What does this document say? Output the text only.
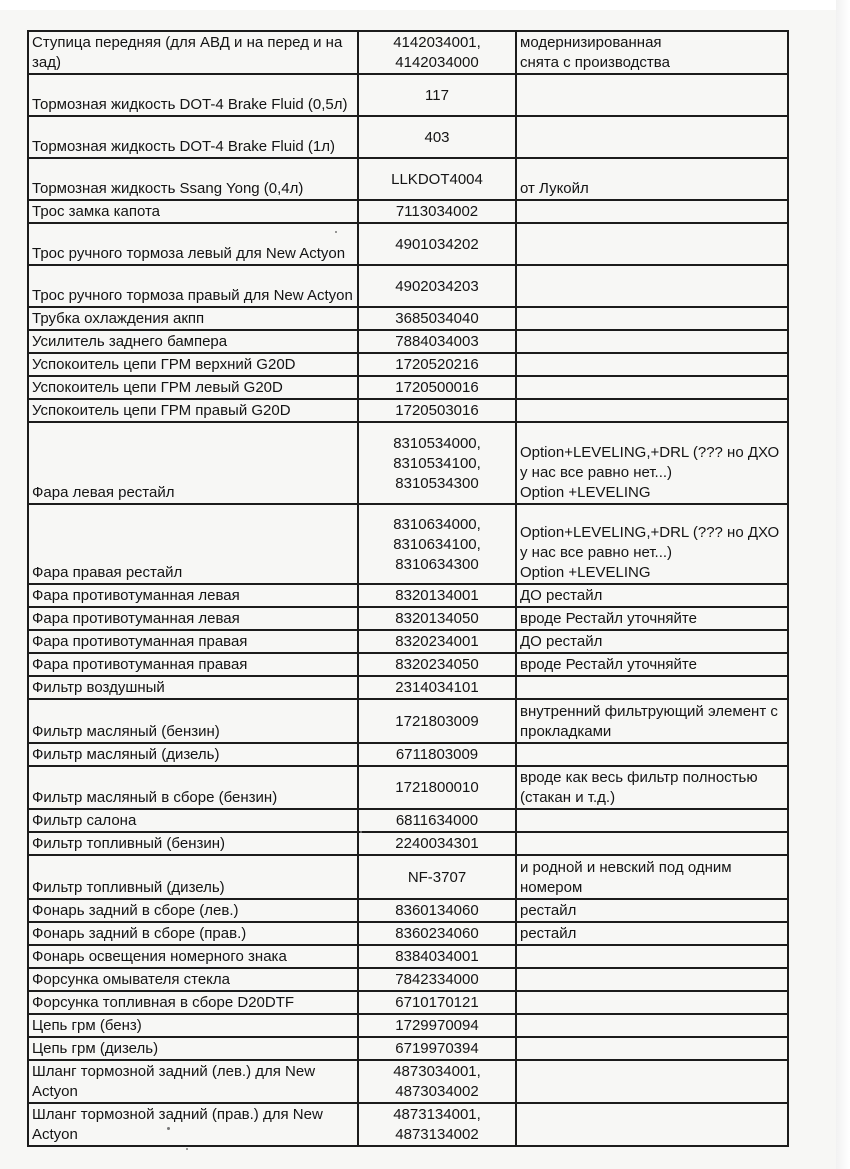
Ступица передняя (для АВД и на перед и на зад)	4142034001,
4142034000	модернизированная
снята с производства
Тормозная жидкость DOT-4 Brake Fluid (0,5л)	117	
Тормозная жидкость DOT-4 Brake Fluid (1л)	403	
Тормозная жидкость Ssang Yong (0,4л)	LLKDOT4004	от Лукойл
Трос замка капота	7113034002	
Трос ручного тормоза левый для New Actyon	4901034202	
Трос ручного тормоза правый для New Actyon	4902034203	
Трубка охлаждения акпп	3685034040	
Усилитель заднего бампера	7884034003	
Успокоитель цепи ГРМ верхний G20D	1720520216	
Успокоитель цепи ГРМ левый G20D	1720500016	
Успокоитель цепи ГРМ правый G20D	1720503016	
Фара левая рестайл	8310534000,
8310534100,
8310534300	Option+LEVELING,+DRL (??? но ДХО у нас все равно нет...)
Option +LEVELING
Фара правая рестайл	8310634000,
8310634100,
8310634300	Option+LEVELING,+DRL (??? но ДХО у нас все равно нет...)
Option +LEVELING
Фара противотуманная левая	8320134001	ДО рестайл
Фара противотуманная левая	8320134050	вроде Рестайл уточняйте
Фара противотуманная правая	8320234001	ДО рестайл
Фара противотуманная правая	8320234050	вроде Рестайл уточняйте
Фильтр воздушный	2314034101	
Фильтр масляный (бензин)	1721803009	внутренний фильтрующий элемент с прокладками
Фильтр масляный (дизель)	6711803009	
Фильтр масляный в сборе (бензин)	1721800010	вроде как весь фильтр полностью (стакан и т.д.)
Фильтр салона	6811634000	
Фильтр топливный (бензин)	2240034301	
Фильтр топливный (дизель)	NF-3707	и родной и невский под одним номером
Фонарь задний в сборе (лев.)	8360134060	рестайл
Фонарь задний в сборе (прав.)	8360234060	рестайл
Фонарь освещения номерного знака	8384034001	
Форсунка омывателя стекла	7842334000	
Форсунка топливная в сборе D20DTF	6710170121	
Цепь грм (бенз)	1729970094	
Цепь грм (дизель)	6719970394	
Шланг тормозной задний (лев.) для New Actyon	4873034001,
4873034002	
Шланг тормозной задний (прав.) для New Actyon	4873134001,
4873134002	
